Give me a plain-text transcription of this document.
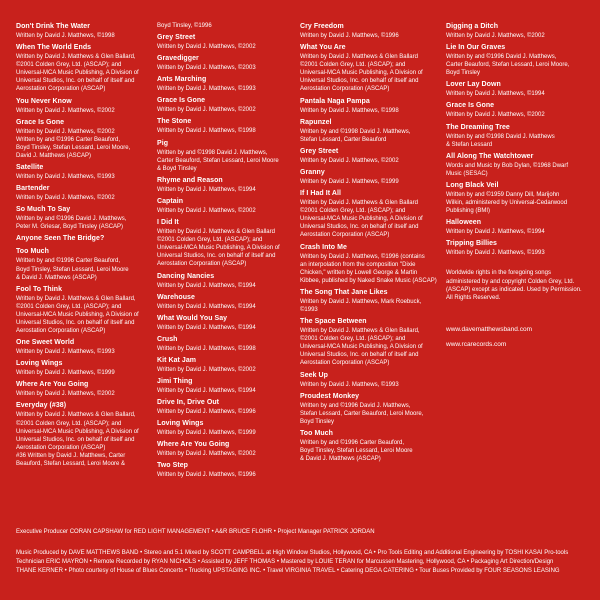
Don't Drink The Water
Written by David J. Matthews, ©1998
When The World Ends
Written by David J. Matthews & Glen Ballard,
©2001 Colden Grey, Ltd. (ASCAP); and
Universal-MCA Music Publishing, A Division of
Universal Studios, Inc. on behalf of itself and
Aerostation Corporation (ASCAP)
You Never Know
Written by David J. Matthews, ©2002
Grace Is Gone
Written by David J. Matthews, ©2002
Written by and ©1996 Carter Beauford,
Boyd Tinsley, Stefan Lessard, Leroi Moore,
David J. Matthews (ASCAP)
Satellite
Written by David J. Matthews, ©1993
Bartender
Written by David J. Matthews, ©2002
So Much To Say
Written by and ©1996 David J. Matthews,
Peter M. Griesar, Boyd Tinsley (ASCAP)
Anyone Seen The Bridge?
Too Much
Written by and ©1996 Carter Beauford,
Boyd Tinsley, Stefan Lessard, Leroi Moore
& David J. Matthews (ASCAP)
Fool To Think
Written by David J. Matthews & Glen Ballard,
©2001 Colden Grey, Ltd. (ASCAP); and
Universal-MCA Music Publishing, A Division of
Universal Studios, Inc. on behalf of itself and
Aerostation Corporation (ASCAP)
One Sweet World
Written by David J. Matthews, ©1993
Loving Wings
Written by David J. Matthews, ©1999
Where Are You Going
Written by David J. Matthews, ©2002
Everyday (#38)
Written by David J. Matthews & Glen Ballard,
©2001 Colden Grey, Ltd. (ASCAP); and
Universal-MCA Music Publishing, A Division of
Universal Studios, Inc. on behalf of itself and
Aerostation Corporation (ASCAP)
#36 Written by David J. Matthews, Carter
Beauford, Stefan Lessard, Leroi Moore &
Boyd Tinsley, ©1996
Grey Street
Written by David J. Matthews, ©2002
Gravedigger
Written by David J. Matthews, ©2003
Ants Marching
Written by David J. Matthews, ©1993
Grace Is Gone
Written by David J. Matthews, ©2002
The Stone
Written by David J. Matthews, ©1998
Pig
Written by and ©1998 David J. Matthews,
Carter Beauford, Stefan Lessard, Leroi Moore
& Boyd Tinsley
Rhyme and Reason
Written by David J. Matthews, ©1994
Captain
Written by David J. Matthews, ©2002
I Did It
Written by David J. Matthews & Glen Ballard
©2001 Colden Grey, Ltd. (ASCAP); and
Universal-MCA Music Publishing, A Division of
Universal Studios, Inc. on behalf of itself and
Aerostation Corporation (ASCAP)
Dancing Nancies
Written by David J. Matthews, ©1994
Warehouse
Written by David J. Matthews, ©1994
What Would You Say
Written by David J. Matthews, ©1994
Crush
Written by David J. Matthews, ©1998
Kit Kat Jam
Written by David J. Matthews, ©2002
Jimi Thing
Written by David J. Matthews, ©1994
Drive In, Drive Out
Written by David J. Matthews, ©1996
Loving Wings
Written by David J. Matthews, ©1999
Where Are You Going
Written by David J. Matthews, ©2002
Two Step
Written by David J. Matthews, ©1996
Cry Freedom
Written by David J. Matthews, ©1996
What You Are
Written by David J. Matthews & Glen Ballard
©2001 Colden Grey, Ltd. (ASCAP); and
Universal-MCA Music Publishing, A Division of
Universal Studios, Inc. on behalf of itself and
Aerostation Corporation (ASCAP)
Pantala Naga Pampa
Written by David J. Matthews, ©1998
Rapunzel
Written by and ©1998 David J. Matthews,
Stefan Lessard, Carter Beauford
Grey Street
Written by David J. Matthews, ©2002
Granny
Written by David J. Matthews, ©1999
If I Had It All
Written by David J. Matthews & Glen Ballard
©2001 Colden Grey, Ltd. (ASCAP); and
Universal-MCA Music Publishing, A Division of
Universal Studios, Inc. on behalf of itself and
Aerostation Corporation (ASCAP)
Crash Into Me
Written by David J. Matthews, ©1996 (contains
an interpolation from the composition "Dixie
Chicken," written by Lowell George & Martin
Kibbee, published by Naked Snake Music (ASCAP)
The Song That Jane Likes
Written by David J. Matthews, Mark Roebuck,
©1993
The Space Between
Written by David J. Matthews & Glen Ballard,
©2001 Colden Grey, Ltd. (ASCAP); and
Universal-MCA Music Publishing, A Division of
Universal Studios, Inc. on behalf of itself and
Aerostation Corporation (ASCAP)
Seek Up
Written by David J. Matthews, ©1993
Proudest Monkey
Written by and ©1996 David J. Matthews,
Stefan Lessard, Carter Beauford, Leroi Moore,
Boyd Tinsley
Too Much
Written by and ©1996 Carter Beauford,
Boyd Tinsley, Stefan Lessard, Leroi Moore
& David J. Matthews (ASCAP)
Digging a Ditch
Written by David J. Matthews, ©2002
Lie In Our Graves
Written by and ©1996 David J. Matthews,
Carter Beauford, Stefan Lessard, Leroi Moore,
Boyd Tinsley
Lover Lay Down
Written by David J. Matthews, ©1994
Grace Is Gone
Written by David J. Matthews, ©2002
The Dreaming Tree
Written by and ©1998 David J. Matthews
& Stefan Lessard
All Along The Watchtower
Words and Music by Bob Dylan, ©1968 Dwarf
Music (SESAC)
Long Black Veil
Written by and ©1959 Danny Dill, Marijohn
Wilkin, administered by Universal-Cedarwood
Publishing (BMI)
Halloween
Written by David J. Matthews, ©1994
Tripping Billies
Written by David J. Matthews, ©1993
Worldwide rights in the foregoing songs
administered by and copyright Colden Grey, Ltd.
(ASCAP) except as indicated. Used by Permission.
All Rights Reserved.
www.davematthewsband.com
www.rcarecords.com
Executive Producer CORAN CAPSHAW for RED LIGHT MANAGEMENT • A&R BRUCE FLOHR • Project Manager PATRICK JORDAN
Music Produced by DAVE MATTHEWS BAND • Stereo and 5.1 Mixed by SCOTT CAMPBELL at High Window Studios, Hollywood, CA • Pro Tools Editing and Additional Engineering by TOSHI KASAI Pro-tools
Technician ERIC MAYRON • Remote Recorded by RYAN NICHOLS • Assisted by JEFF THOMAS • Mastered by LOUIE TERAN for Marcussen Mastering, Hollywood, CA • Packaging Art Direction/Design
THANE KERNER • Photo courtesy of House of Blues Concerts • Trucking UPSTAGING INC. • Travel VIRGINIA TRAVEL • Catering DEGA CATERING • Tour Buses Provided by FOUR SEASONS LEASING
